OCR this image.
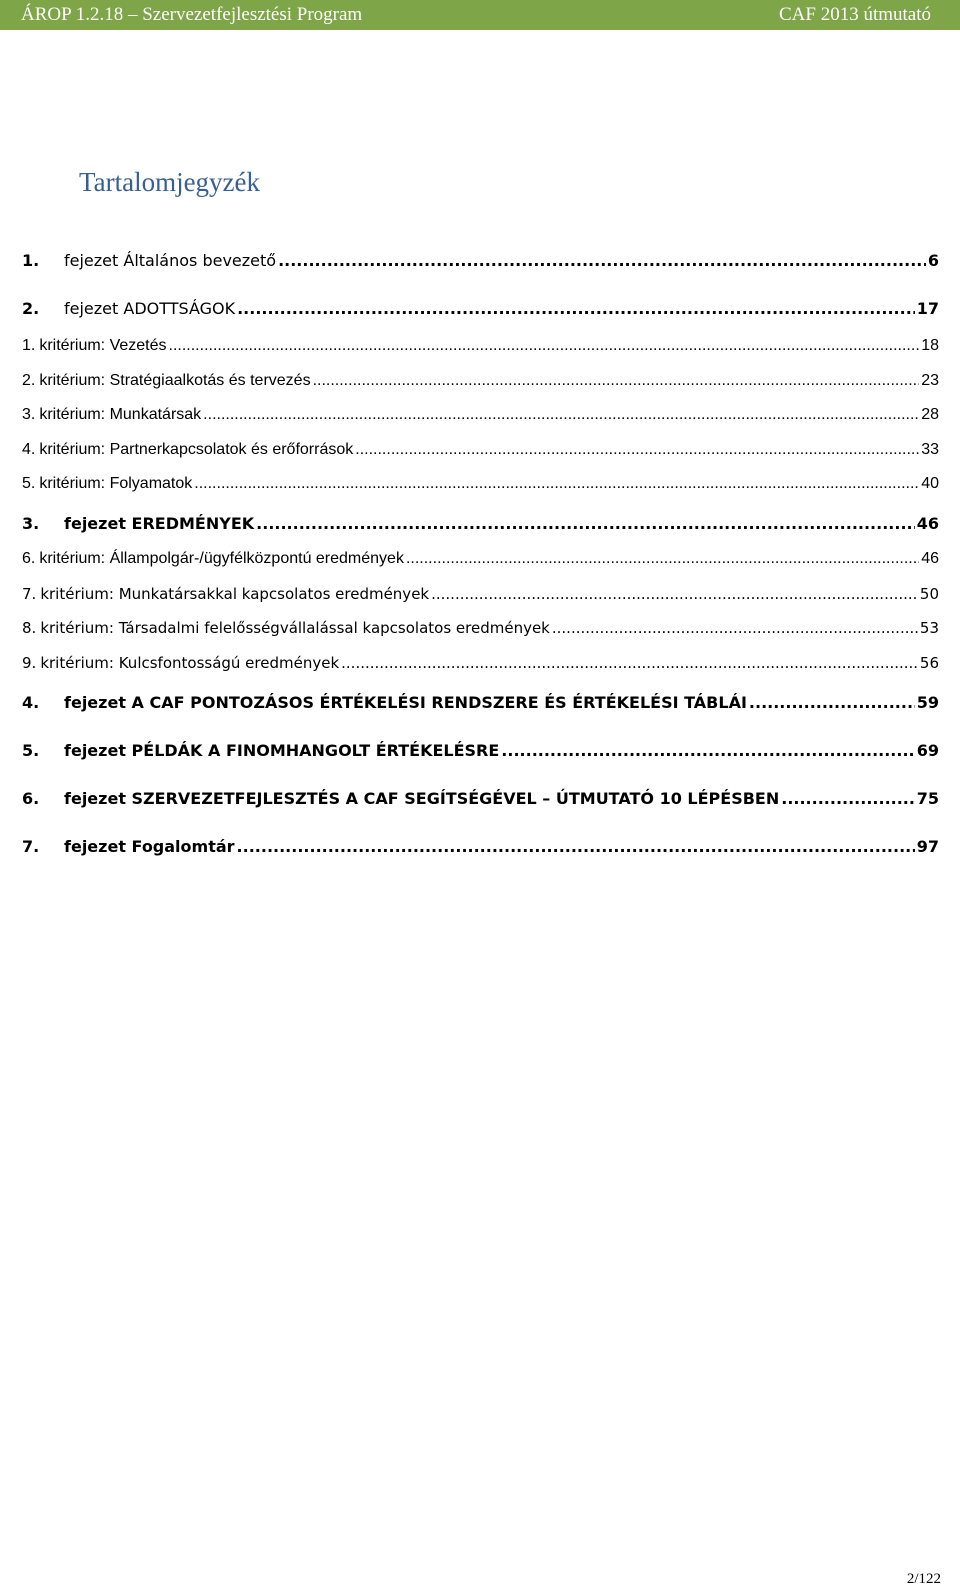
ÁROP 1.2.18 – Szervezetfejlesztési Program	CAF 2013 útmutató
Tartalomjegyzék
1.	fejezet Általános bevezető .....	6
2.	fejezet ADOTTSÁGOK .....	17
1. kritérium: Vezetés .....	18
2. kritérium: Stratégiaalkotás és tervezés .....	23
3. kritérium: Munkatársak .....	28
4. kritérium: Partnerkapcsolatok és erőforrások .....	33
5. kritérium: Folyamatok .....	40
3.	fejezet EREDMÉNYEK .....	46
6. kritérium: Állampolgár-/ügyfélközpontú eredmények .....	46
7. kritérium: Munkatársakkal kapcsolatos eredmények .....	50
8. kritérium: Társadalmi felelősségvállalással kapcsolatos eredmények .....	53
9. kritérium: Kulcsfontosságú eredmények .....	56
4.	fejezet A CAF PONTOZÁSOS ÉRTÉKELÉSI RENDSZERE ÉS ÉRTÉKELÉSI TÁBLÁI .....	59
5.	fejezet PÉLDÁK A FINOMHANGOLT ÉRTÉKELÉSRE .....	69
6.	fejezet SZERVEZETFEJLESZTÉS A CAF SEGÍTSÉGÉVEL – ÚTMUTATÓ 10 LÉPÉSBEN .....	75
7.	fejezet Fogalomtár .....	97
2/122
